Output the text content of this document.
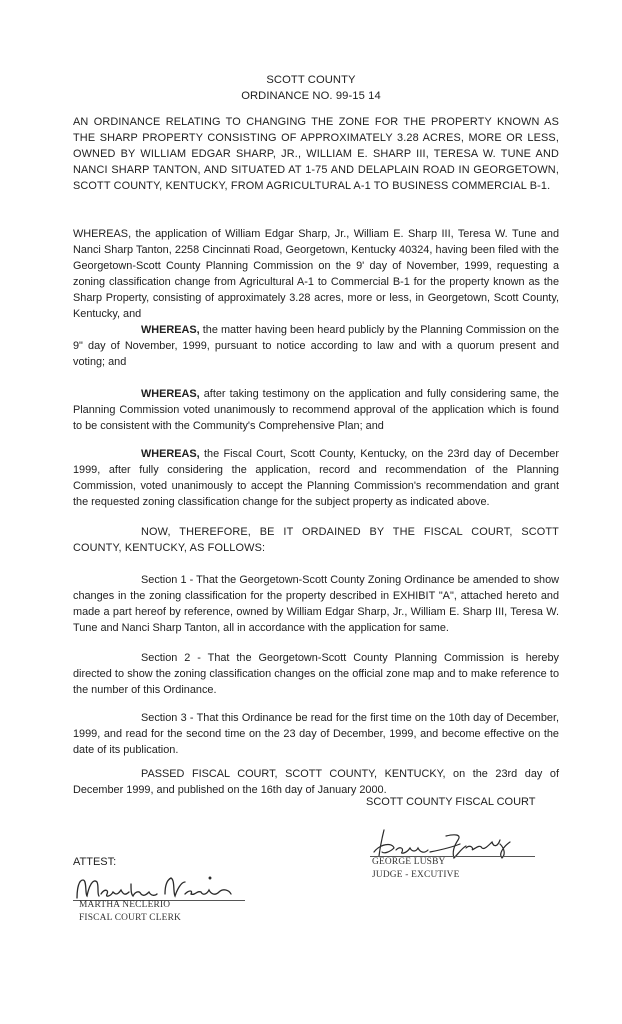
SCOTT COUNTY
ORDINANCE NO. 99-15 14
AN ORDINANCE RELATING TO CHANGING THE ZONE FOR THE PROPERTY KNOWN AS THE SHARP PROPERTY CONSISTING OF APPROXIMATELY 3.28 ACRES, MORE OR LESS, OWNED BY WILLIAM EDGAR SHARP, JR., WILLIAM E. SHARP III, TERESA W. TUNE AND NANCI SHARP TANTON, AND SITUATED AT 1-75 AND DELAPLAIN ROAD IN GEORGETOWN, SCOTT COUNTY, KENTUCKY, FROM AGRICULTURAL A-1 TO BUSINESS COMMERCIAL B-1.
WHEREAS, the application of William Edgar Sharp, Jr., William E. Sharp III, Teresa W. Tune and Nanci Sharp Tanton, 2258 Cincinnati Road, Georgetown, Kentucky 40324, having been filed with the Georgetown-Scott County Planning Commission on the 9' day of November, 1999, requesting a zoning classification change from Agricultural A-1 to Commercial B-1 for the property known as the Sharp Property, consisting of approximately 3.28 acres, more or less, in Georgetown, Scott County, Kentucky, and
WHEREAS, the matter having been heard publicly by the Planning Commission on the 9" day of November, 1999, pursuant to notice according to law and with a quorum present and voting; and
WHEREAS, after taking testimony on the application and fully considering same, the Planning Commission voted unanimously to recommend approval of the application which is found to be consistent with the Community's Comprehensive Plan; and
WHEREAS, the Fiscal Court, Scott County, Kentucky, on the 23rd day of December 1999, after fully considering the application, record and recommendation of the Planning Commission, voted unanimously to accept the Planning Commission's recommendation and grant the requested zoning classification change for the subject property as indicated above.
NOW, THEREFORE, BE IT ORDAINED BY THE FISCAL COURT, SCOTT COUNTY, KENTUCKY, AS FOLLOWS:
Section 1 - That the Georgetown-Scott County Zoning Ordinance be amended to show changes in the zoning classification for the property described in EXHIBIT "A", attached hereto and made a part hereof by reference, owned by William Edgar Sharp, Jr., William E. Sharp III, Teresa W. Tune and Nanci Sharp Tanton, all in accordance with the application for same.
Section 2 - That the Georgetown-Scott County Planning Commission is hereby directed to show the zoning classification changes on the official zone map and to make reference to the number of this Ordinance.
Section 3 - That this Ordinance be read for the first time on the 10th day of December, 1999, and read for the second time on the 23 day of December, 1999, and become effective on the date of its publication.
PASSED FISCAL COURT, SCOTT COUNTY, KENTUCKY, on the 23rd day of December 1999, and published on the 16th day of January 2000.
SCOTT COUNTY FISCAL COURT
GEORGE LUSBY
JUDGE - EXCUTIVE
ATTEST:
MARTHA NECLERIO
FISCAL COURT CLERK
